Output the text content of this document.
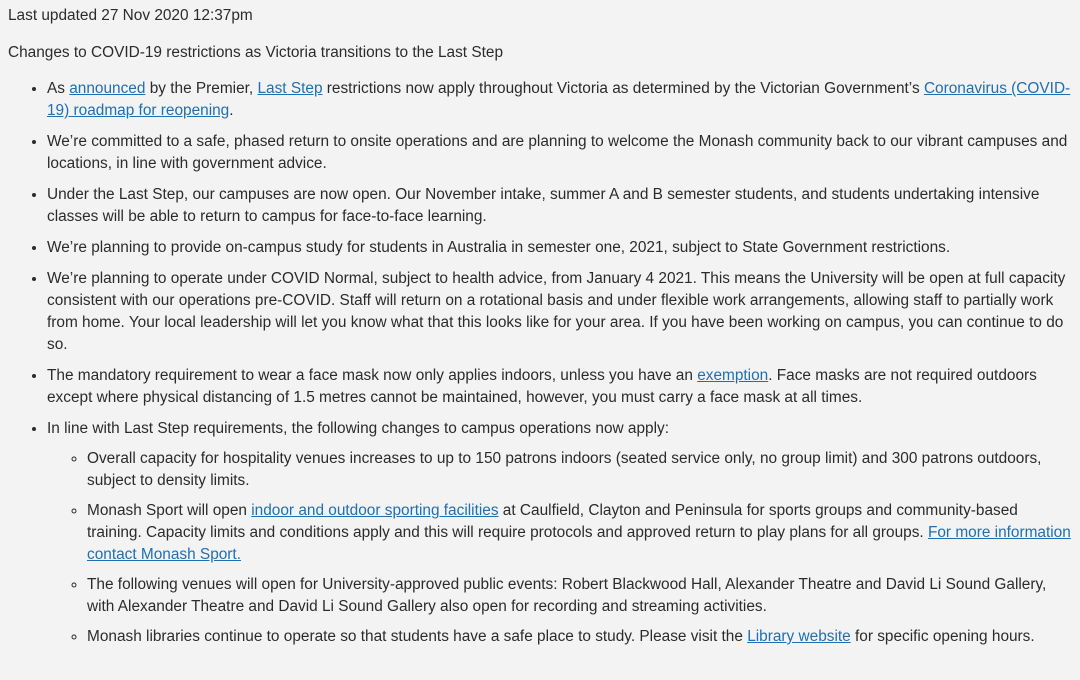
Last updated 27 Nov 2020 12:37pm

Changes to COVID-19 restrictions as Victoria transitions to the Last Step

• As announced by the Premier, Last Step restrictions now apply throughout Victoria as determined by the Victorian Government’s Coronavirus (COVID-19) roadmap for reopening.
• We’re committed to a safe, phased return to onsite operations and are planning to welcome the Monash community back to our vibrant campuses and locations, in line with government advice.
• Under the Last Step, our campuses are now open. Our November intake, summer A and B semester students, and students undertaking intensive classes will be able to return to campus for face-to-face learning.
• We’re planning to provide on-campus study for students in Australia in semester one, 2021, subject to State Government restrictions.
• We’re planning to operate under COVID Normal, subject to health advice, from January 4 2021. This means the University will be open at full capacity consistent with our operations pre-COVID. Staff will return on a rotational basis and under flexible work arrangements, allowing staff to partially work from home. Your local leadership will let you know what that this looks like for your area. If you have been working on campus, you can continue to do so.
• The mandatory requirement to wear a face mask now only applies indoors, unless you have an exemption. Face masks are not required outdoors except where physical distancing of 1.5 metres cannot be maintained, however, you must carry a face mask at all times.
• In line with Last Step requirements, the following changes to campus operations now apply:
◦ Overall capacity for hospitality venues increases to up to 150 patrons indoors (seated service only, no group limit) and 300 patrons outdoors, subject to density limits.
◦ Monash Sport will open indoor and outdoor sporting facilities at Caulfield, Clayton and Peninsula for sports groups and community-based training. Capacity limits and conditions apply and this will require protocols and approved return to play plans for all groups. For more information contact Monash Sport.
◦ The following venues will open for University-approved public events: Robert Blackwood Hall, Alexander Theatre and David Li Sound Gallery, with Alexander Theatre and David Li Sound Gallery also open for recording and streaming activities.
◦ Monash libraries continue to operate so that students have a safe place to study. Please visit the Library website for specific opening hours.
